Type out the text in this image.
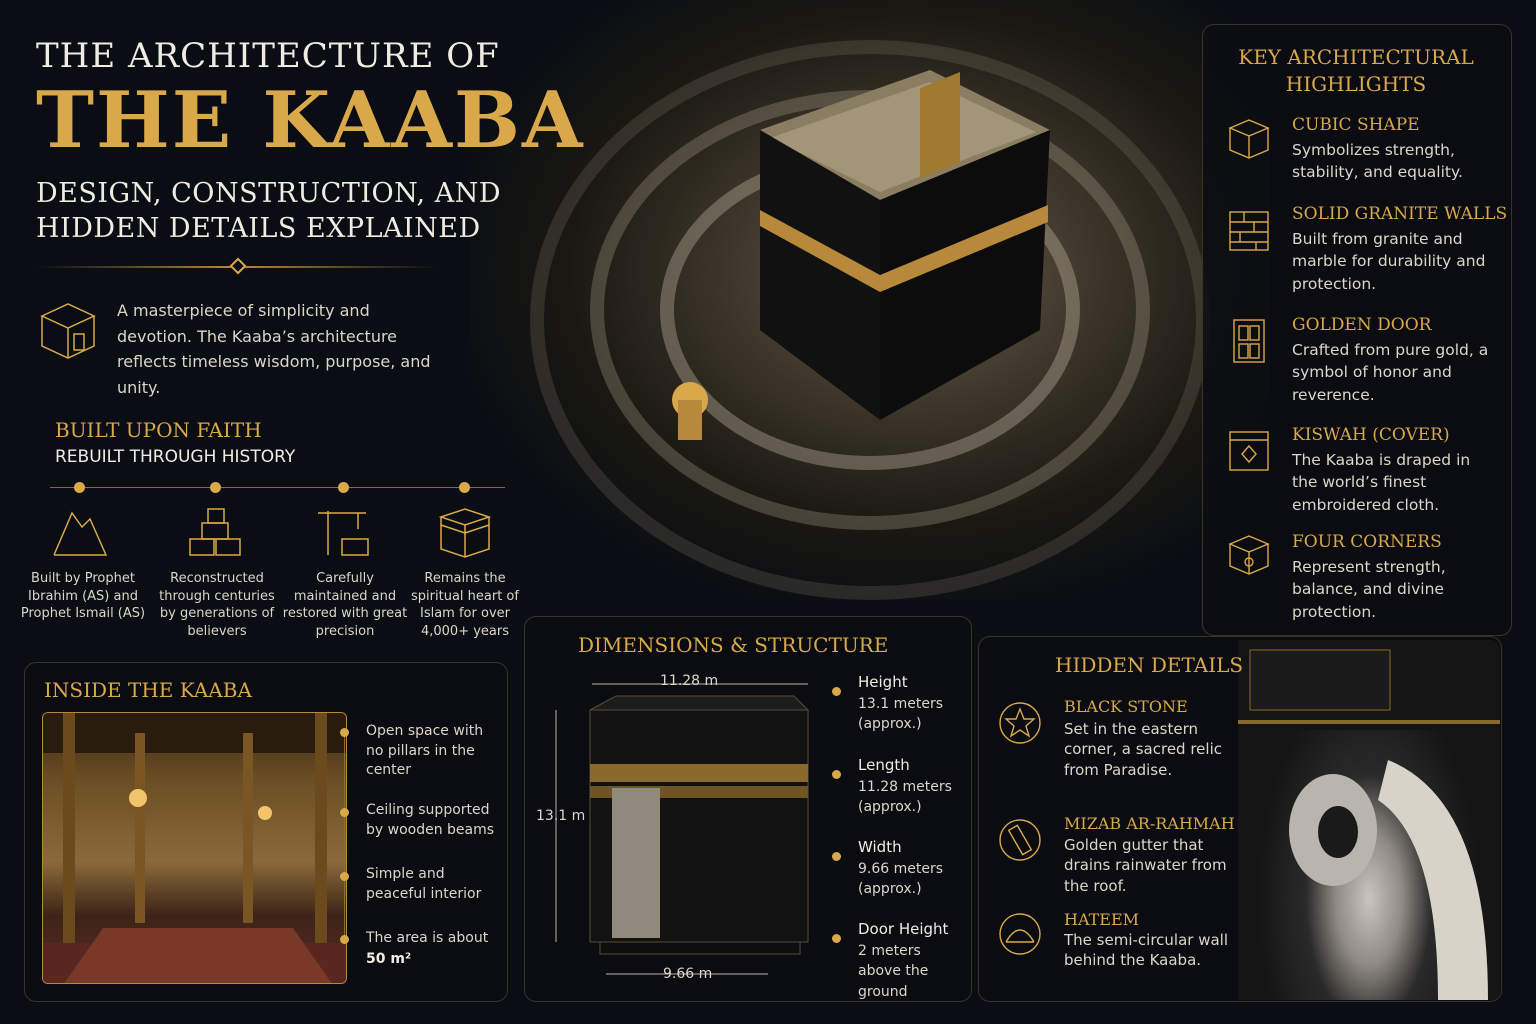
THE ARCHITECTURE OF
THE KAABA
DESIGN, CONSTRUCTION, AND HIDDEN DETAILS EXPLAINED
A masterpiece of simplicity and devotion. The Kaaba’s architecture reflects timeless wisdom, purpose, and unity.
BUILT UPON FAITH
REBUILT THROUGH HISTORY
Built by Prophet Ibrahim (AS) and Prophet Ismail (AS)
Reconstructed through centuries by generations of believers
Carefully maintained and restored with great precision
Remains the spiritual heart of Islam for over 4,000+ years
INSIDE THE KAABA
Open space with no pillars in the center
Ceiling supported by wooden beams
Simple and peaceful interior
The area is about
50 m²
DIMENSIONS & STRUCTURE
11.28 m
13.1 m
9.66 m
Height
13.1 meters (approx.)
Length
11.28 meters (approx.)
Width
9.66 meters (approx.)
Door Height
2 meters above the ground
HIDDEN DETAILS
BLACK STONE
Set in the eastern corner, a sacred relic from Paradise.
MIZAB AR-RAHMAH
Golden gutter that drains rainwater from the roof.
HATEEM
The semi-circular wall behind the Kaaba.
KEY ARCHITECTURAL HIGHLIGHTS
CUBIC SHAPE
Symbolizes strength, stability, and equality.
SOLID GRANITE WALLS
Built from granite and marble for durability and protection.
GOLDEN DOOR
Crafted from pure gold, a symbol of honor and reverence.
KISWAH (COVER)
The Kaaba is draped in the world’s finest embroidered cloth.
FOUR CORNERS
Represent strength, balance, and divine protection.
